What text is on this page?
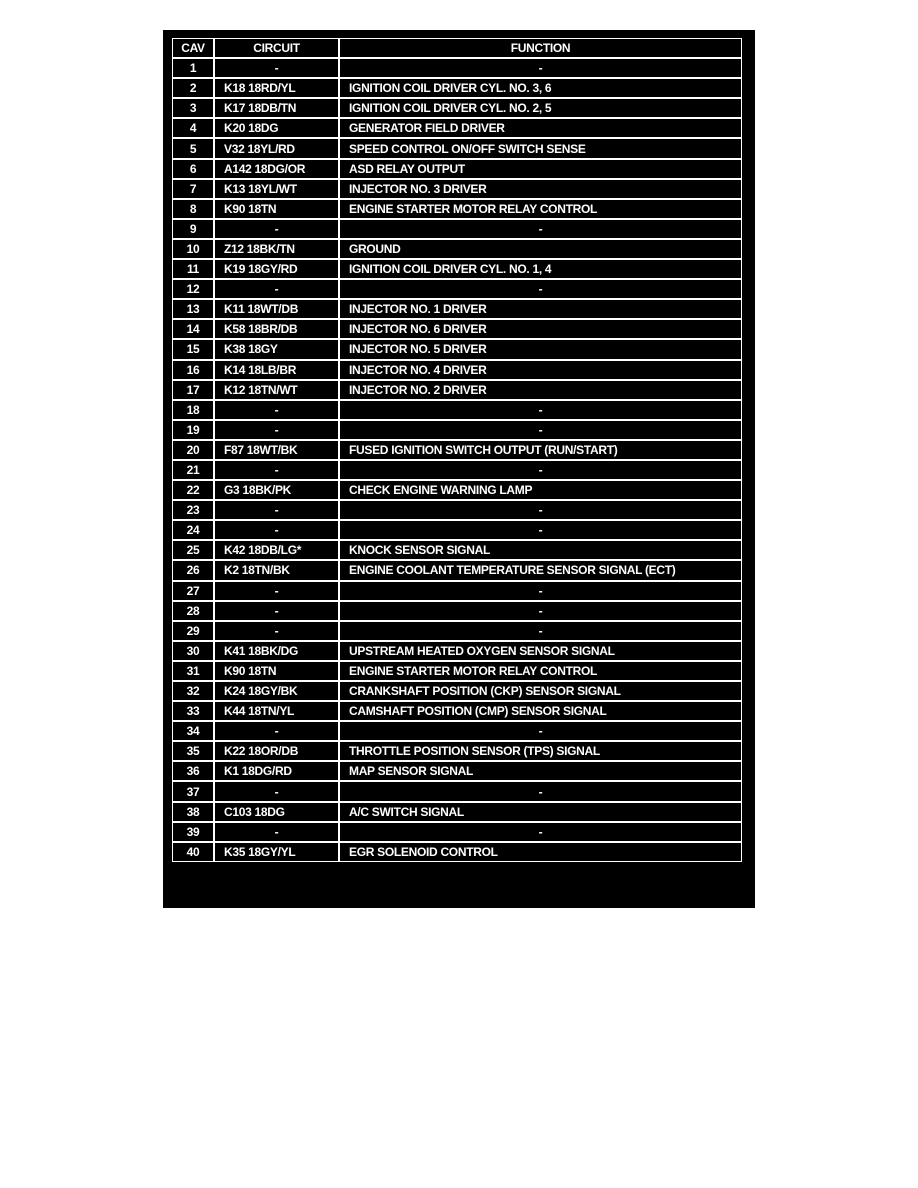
CAV	CIRCUIT	FUNCTION
1	-	-
2	K18 18RD/YL	IGNITION COIL DRIVER CYL. NO. 3, 6
3	K17 18DB/TN	IGNITION COIL DRIVER CYL. NO. 2, 5
4	K20 18DG	GENERATOR FIELD DRIVER
5	V32 18YL/RD	SPEED CONTROL ON/OFF SWITCH SENSE
6	A142 18DG/OR	ASD RELAY OUTPUT
7	K13 18YL/WT	INJECTOR NO. 3 DRIVER
8	K90 18TN	ENGINE STARTER MOTOR RELAY CONTROL
9	-	-
10	Z12 18BK/TN	GROUND
11	K19 18GY/RD	IGNITION COIL DRIVER CYL. NO. 1, 4
12	-	-
13	K11 18WT/DB	INJECTOR NO. 1 DRIVER
14	K58 18BR/DB	INJECTOR NO. 6 DRIVER
15	K38 18GY	INJECTOR NO. 5 DRIVER
16	K14 18LB/BR	INJECTOR NO. 4 DRIVER
17	K12 18TN/WT	INJECTOR NO. 2 DRIVER
18	-	-
19	-	-
20	F87 18WT/BK	FUSED IGNITION SWITCH OUTPUT (RUN/START)
21	-	-
22	G3 18BK/PK	CHECK ENGINE WARNING LAMP
23	-	-
24	-	-
25	K42 18DB/LG*	KNOCK SENSOR SIGNAL
26	K2 18TN/BK	ENGINE COOLANT TEMPERATURE SENSOR SIGNAL (ECT)
27	-	-
28	-	-
29	-	-
30	K41 18BK/DG	UPSTREAM HEATED OXYGEN SENSOR SIGNAL
31	K90 18TN	ENGINE STARTER MOTOR RELAY CONTROL
32	K24 18GY/BK	CRANKSHAFT POSITION (CKP) SENSOR SIGNAL
33	K44 18TN/YL	CAMSHAFT POSITION (CMP) SENSOR SIGNAL
34	-	-
35	K22 18OR/DB	THROTTLE POSITION SENSOR (TPS) SIGNAL
36	K1 18DG/RD	MAP SENSOR SIGNAL
37	-	-
38	C103 18DG	A/C SWITCH SIGNAL
39	-	-
40	K35 18GY/YL	EGR SOLENOID CONTROL
